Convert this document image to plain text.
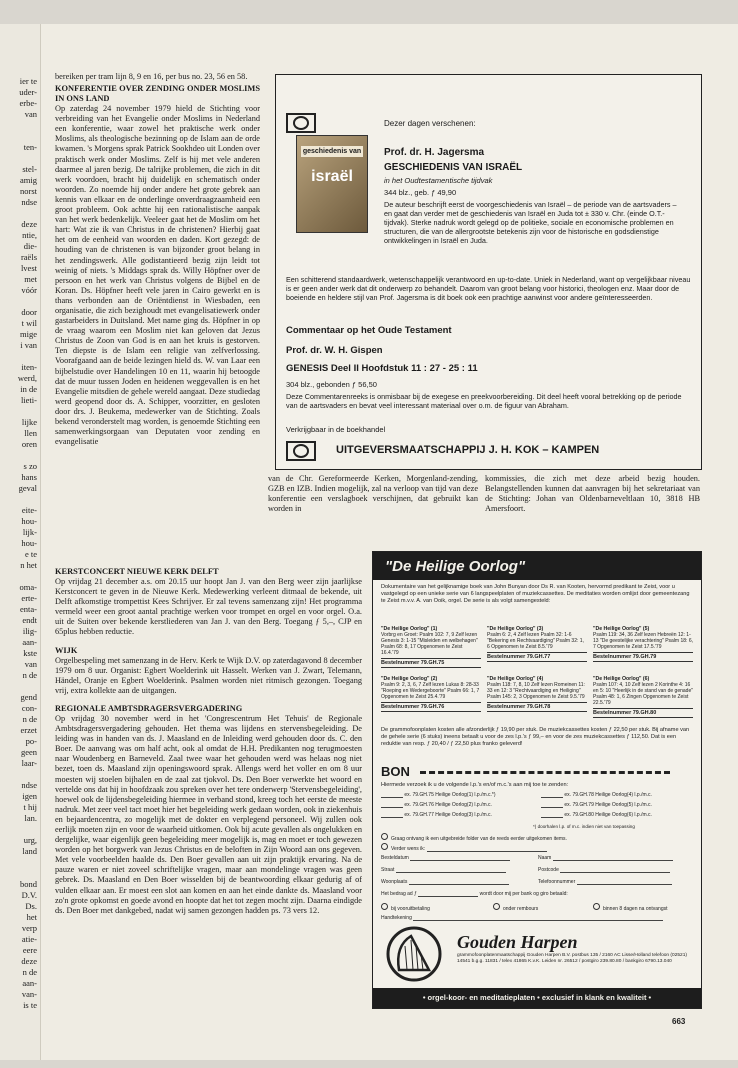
ier te
uder-
erbe-
van

ten-

stel-
amig
norst
ndse

deze
ntie,
die-
raëls
lvest
met
vóór

door
t wil
mige
i van

iten-
werd,
in de
lieti-

lijke
llen
oren

s zo
hans
geval

eite-
hou-
lijk-
hou-
e te
n het

oma-
erte-
enta-
endt
ilig-
aan-
kste
van
n de

gend
con-
n de
erzet
po-
geen
laar-

ndse
igen
t hij
lan.

urg,
land

bond
D.V.
Ds.
het
verp
atie-
eere
deze
n de
aan-
van-
is te

bereiken per tram lijn 8, 9 en 16, per bus no. 23, 56 en 58.

KONFERENTIE OVER ZENDING ONDER MOSLIMS IN ONS LAND

Op zaterdag 24 november 1979 hield de Stichting voor verbreiding van het Evangelie onder Moslims in Nederland een konferentie, waar zowel het praktische werk onder Moslims, als theologische bezinning op de Islam aan de orde kwamen. 's Morgens sprak Patrick Sookhdeo uit Londen over praktisch werk onder Moslims. Zelf is hij met vele anderen daarmee al jaren bezig. De talrijke problemen, die zich in dit werk voordoen, bracht hij duidelijk en schematisch onder woorden. Zo noemde hij onder andere het grote gebrek aan kennis van elkaar en de onderlinge onverdraagzaamheid een groot probleem. Ook achtte hij een rationalistische aanpak van het werk bedenkelijk. Veeleer gaat het de Moslim om het hart: Wat zie ik van Christus in de christenen? Hierbij gaat het om de eenheid van woorden en daden. Kort gezegd: de houding van de christenen is van bijzonder groot belang in het zendingswerk. Alle godistantieerd bezig zijn leidt tot weinig of niets. 's Middags sprak ds. Willy Höpfner over de persoon en het werk van Christus volgens de Bijbel en de Koran. Ds. Höpfner heeft vele jaren in Cairo gewerkt en is thans verbonden aan de Oriëntdienst in Wiesbaden, een organisatie, die zich bezighoudt met evangelisatiewerk onder gastarbeiders in Duitsland. Met name ging ds. Höpfner in op de vraag waarom een Moslim niet kan geloven dat Jezus Christus de Zoon van God is en aan het kruis is gestorven. Ten diepste is de Islam een religie van zelfverlossing. Voorafgaand aan de beide lezingen hield ds. W. van Laar een bijbelstudie over Handelingen 10 en 11, waarin hij betoogde dat de muur tussen Joden en heidenen weggevallen is en het Evangelie mitsdien de gehele wereld aangaat. Deze studiedag werd geopend door ds. A. Schipper, voorzitter, en gesloten door drs. J. Beukema, medewerker van de Stichting. Zoals bekend veronderstelt mag worden, is genoemde Stichting een samenwerkingsorgaan van Deputaten voor zending en evangelisatie

van de Chr. Gereformeerde Kerken, Morgenland-zending, GZB en IZB. Indien mogelijk, zal na verloop van tijd van deze konferentie een verslagboek verschijnen, dat gebruikt kan worden in

kommissies, die zich met deze arbeid bezig houden. Belangstellenden kunnen dat aanvragen bij het sekretariaat van de Stichting: Johan van Oldenbarneveltlaan 10, 3818 HB Amersfoort.

KERSTCONCERT NIEUWE KERK DELFT

Op vrijdag 21 december a.s. om 20.15 uur hoopt Jan J. van den Berg weer zijn jaarlijkse Kerstconcert te geven in de Nieuwe Kerk. Medewerking verleent ditmaal de bekende, uit Delft afkomstige trompettist Kees Schrijver. Er zal tevens samenzang zijn! Het programma vermeld weer een groot aantal prachtige werken voor trompet en orgel en voor orgel. O.a. uit de Suiten over bekende kerstliederen van Jan J. van den Berg. Toegang ƒ 5,–, CJP en 65plus hebben reductie.

WIJK

Orgelbespeling met samenzang in de Herv. Kerk te Wijk D.V. op zaterdagavond 8 december 1979 om 8 uur. Organist: Egbert Woelderink uit Hasselt. Werken van J. Zwart, Telemann, Händel, Oranje en Egbert Woelderink. Psalmen worden niet ritmisch gezongen. Toegang vrij, extra kollekte aan de uitgangen.

REGIONALE AMBTSDRAGERSVERGADERING

Op vrijdag 30 november werd in het 'Congrescentrum Het Tehuis' de Regionale Ambtsdragersvergadering gehouden. Het thema was lijdens en stervensbegeleiding. De leiding was in handen van ds. J. Maasland en de Inleiding werd gehouden door ds. C. den Boer. De aanvang was om half acht, ook al omdat de H.H. Predikanten nog terugmoesten naar Woudenberg en Barneveld. Zaal twee waar het gehouden werd was helaas nog niet bezet, toen ds. Maasland zijn openingswoord sprak. Allengs werd het voller en om 8 uur moesten wij stoelen bijhalen en de zaal zat tjokvol. Ds. Den Boer verwerkte het woord en vertelde ons dat hij in hoofdzaak zou spreken over het tere onderwerp 'Stervensbegeleiding', hoewel ook de lijdensbegeleiding hiermee in verband stond, kreeg toch het eerste de meeste nadruk. Met zeer veel tact moet hier het begeleiding werk gedaan worden, ook in ziekenhuis en bejaardencentra, zo mogelijk met de dokter en verplegend personeel. Wij zullen ook eerlijk moeten zijn en voor de waarheid uitkomen. Ook bij acute gevallen als ongelukken en dergelijke, waar eigenlijk geen begeleiding meer mogelijk is, mag en moet er toch gewezen worden op het borgwerk van Jezus Christus en de beloften in Zijn Woord aan ons gegeven. Met vele voorbeelden haalde ds. Den Boer gevallen aan uit zijn praktijk ervaring. Na de pauze waren er niet zoveel schriftelijke vragen, maar aan mondelinge vragen was geen gebrek. Ds. Maasland en Den Boer wisselden bij de beantwoording elkaar gedurig af of vulden elkaar aan. Er moest een slot aan komen en aan het einde dankte ds. Maasland voor zo'n grote opkomst en goede avond en hoopte dat het tot zegen mocht zijn. Daarna eindigde ds. Den Boer met dankgebed, nadat wij samen gezongen hadden ps. 73 vers 12.

Dezer dagen verschenen:
geschiedenis van
israël
Prof. dr. H. Jagersma
GESCHIEDENIS VAN ISRAËL
in het Oudtestamentische tijdvak
344 blz., geb. ƒ 49,90
De auteur beschrijft eerst de voorgeschiedenis van Israël – de periode van de aartsvaders – en gaat dan verder met de geschiedenis van Israël en Juda tot ± 330 v. Chr. (einde O.T.-tijdvak). Sterke nadruk wordt gelegd op de politieke, sociale en economische problemen en structuren, die van de allergrootste betekenis zijn voor de historische en godsdienstige ontwikkelingen in Israël en Juda.
Een schitterend standaardwerk, wetenschappelijk verantwoord en up-to-date. Uniek in Nederland, want op vergelijkbaar niveau is er geen ander werk dat dit onderwerp zo behandelt. Daarom van groot belang voor historici, theologen enz. Maar door de boeiende en heldere stijl van Prof. Jagersma is dit boek ook een prachtige aanwinst voor andere geïnteresseerden.
Commentaar op het Oude Testament
Prof. dr. W. H. Gispen
GENESIS Deel II Hoofdstuk 11 : 27 - 25 : 11
304 blz., gebonden ƒ 56,50
Deze Commentarenreeks is onmisbaar bij de exegese en preekvoorbereiding. Dit deel heeft vooral betrekking op de periode van de aartsvaders en bevat veel interessant materiaal over o.m. de figuur van Abraham.
Verkrijgbaar in de boekhandel
UITGEVERSMAATSCHAPPIJ J. H. KOK – KAMPEN
"De Heilige Oorlog"
Dokumentaire van het gelijknamige boek van John Bunyan door Ds R. van Kooten, hervormd predikant te Zeist, voor u vastgelegd op een unieke serie van 6 langspeelplaten of muziekcassettes. De meditaties worden omlijst door gemeentezang te Zeist m.v.v. A. van Ooik, orgel. De serie is als volgt samengesteld:
"De Heilige Oorlog" (1)
Vorbrg en Groet: Psalm 102: 7, 9 Zelf lezen Genesis 3: 1-15 "Misleiden en welbehagen" Psalm 68: 8, 17 Opgenomen te Zeist 16.4.'79
Bestelnummer 79.GH.75
"De Heilige Oorlog" (3)
Psalm 6: 2, 4 Zelf lezen Psalm 32: 1-6 "Bekering en Rechtvaardiging" Psalm 32: 1, 6 Opgenomen te Zeist 8.5.'79
Bestelnummer 79.GH.77
"De Heilige Oorlog" (5)
Psalm 119: 34, 36 Zelf lezen Hebreën 12: 1-13 "De geestelijke verachtering" Psalm 18: 6, 7 Opgenomen te Zeist 17.5.'79
Bestelnummer 79.GH.79
"De Heilige Oorlog" (2)
Psalm 9: 2, 3, 6, 7 Zelf lezen Lukas 8: 28-33 "Roeping en Wedergeboorte" Psalm 66: 1, 7 Opgenomen te Zeist 25.4.'79
Bestelnummer 79.GH.76
"De Heilige Oorlog" (4)
Psalm 118: 7, 8, 10 Zelf lezen Romeinen 11: 33 en 12: 3 "Rechtvaardiging en Heiliging" Psalm 145: 2, 3 Opgenomen te Zeist 9.5.'79
Bestelnummer 79.GH.78
"De Heilige Oorlog" (6)
Psalm 107: 4, 10 Zelf lezen 2 Korinthe 4: 16 en 5: 10 "Heerlijk in de stand van de genade" Psalm 48: 1, 6 Zingen Opgenomen te Zeist 22.5.'79
Bestelnummer 79.GH.80
De grammofoonplaten kosten alle afzonderlijk ƒ 19,90 per stuk. De muziekcassettes kosten ƒ 22,50 per stuk. Bij afname van de gehele serie (6 stuks) ineens betaalt u voor de zes l.p.'s ƒ 99,– en voor de zes muziekcassettes ƒ 112,50. Dat is een reduktie van resp. ƒ 20,40 / ƒ 22,50 plus franko geleverd!
BON
Hiermede verzoek ik u de volgende l.p.'s en/of m.c.'s aan mij toe te zenden:
ex. 79.GH.75 Heilige Oorlog(1) l.p./m.c.*)	ex. 79.GH.78 Heilige Oorlog(4) l.p./m.c.
ex. 79.GH.76 Heilige Oorlog(2) l.p./m.c.	ex. 79.GH.79 Heilige Oorlog(5) l.p./m.c.
ex. 79.GH.77 Heilige Oorlog(3) l.p./m.c.	ex. 79.GH.80 Heilige Oorlog(6) l.p./m.c.
*) doorhalen l.p. of m.c. indien niet van toepassing
Graag ontvang ik een uitgebreide folder van de reeds eerder uitgekomen items.
Verder wens ik:
Besteldatum	Naam
Straat	Postcode
Woonplaats	Telefoonnummer
Het bedrag ad ƒ	wordt door mij per bank og giro betaald:
bij vooruitbetaling	onder rembours	binnen 8 dagen na ontvangst
Handtekening
Gouden Harpen
grammofoonplatenmaatschappij Gouden Harpen B.V. postbus 135 / 2160 AC Lisse/Holland telefoon (02521) 14541 b.g.g. 11831 / telex 41865 K.v.K. Leiden nr. 26512 / postgiro 239.80.80 / bankgiro 6790.13.040
• orgel-koor- en meditatieplaten • exclusief in klank en kwaliteit •
663
